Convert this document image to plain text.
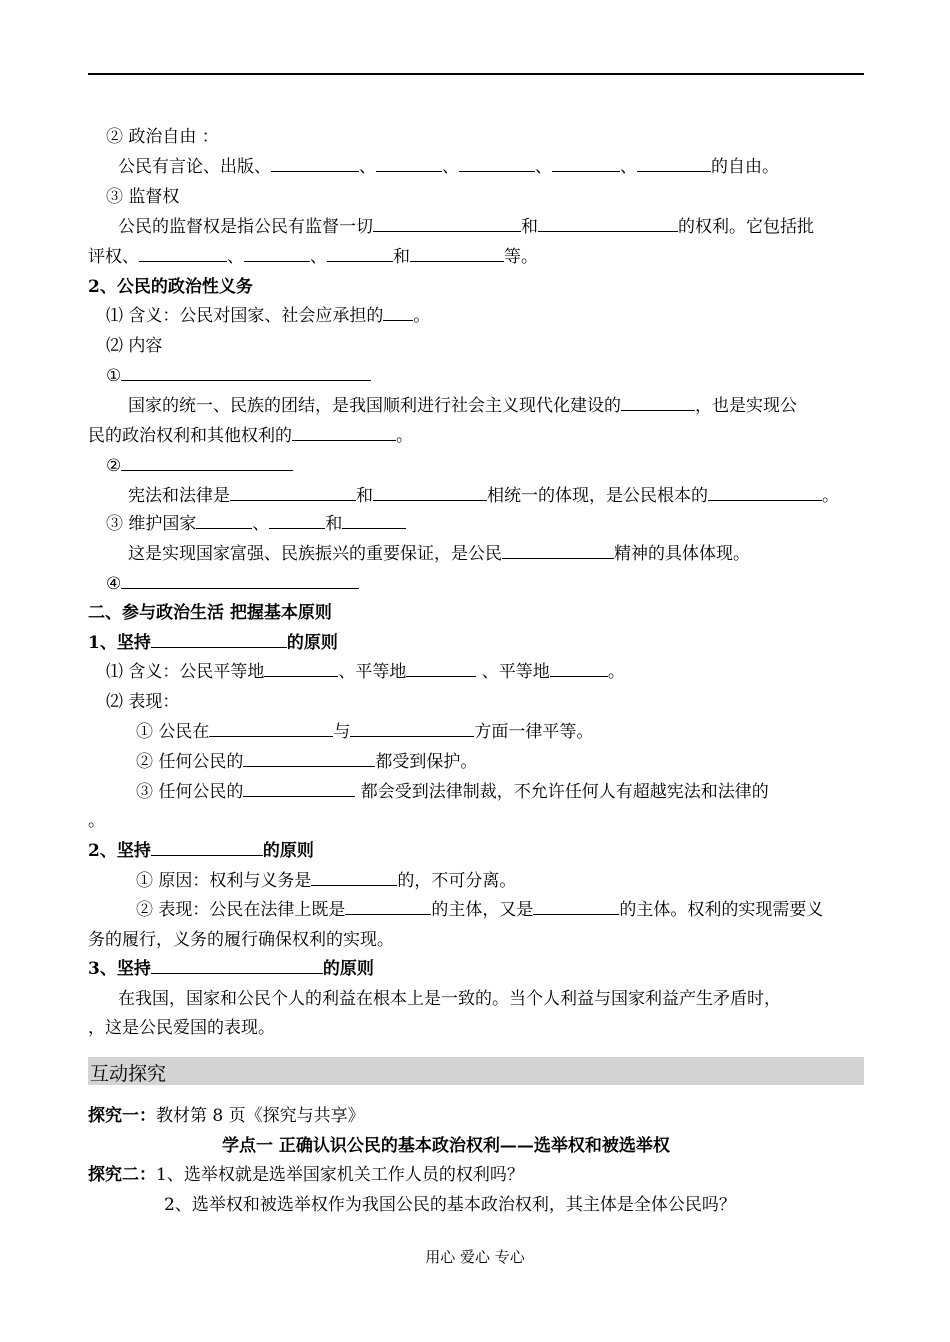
② 政治自由 ：
公民有言论、出版、	、	、	、	、	的自由。
③ 监督权
公民的监督权是指公民有监督一切	和	的权利。它包括批
评权、	、	、	和	等。
2、公民的政治性义务
⑴ 含义：公民对国家、社会应承担的 。
⑵ 内容
①
国家的统一、民族的团结，是我国顺利进行社会主义现代化建设的	，也是实现公
民的政治权利和其他权利的	。
②
宪法和法律是	和	相统一的体现，是公民根本的	。
③ 维护国家	、	和
这是实现国家富强、民族振兴的重要保证，是公民	精神的具体体现。
④
二、参与政治生活 把握基本原则
1、坚持	的原则
⑴ 含义：公民平等地	、平等地	、平等地	。
⑵ 表现：
① 公民在	与	方面一律平等。
② 任何公民的	都受到保护。
③ 任何公民的	都会受到法律制裁，不允许任何人有超越宪法和法律的
。
2、坚持	的原则
① 原因：权利与义务是	的，不可分离。
② 表现：公民在法律上既是	的主体，又是	的主体。权利的实现需要义
务的履行，义务的履行确保权利的实现。
3、坚持	的原则
在我国，国家和公民个人的利益在根本上是一致的。当个人利益与国家利益产生矛盾时，
，这是公民爱国的表现。
互动探究
探究一：教材第 8 页《探究与共享》
学点一 正确认识公民的基本政治权利——选举权和被选举权
探究二：1、选举权就是选举国家机关工作人员的权利吗？
2、选举权和被选举权作为我国公民的基本政治权利，其主体是全体公民吗？
用心 爱心 专心
